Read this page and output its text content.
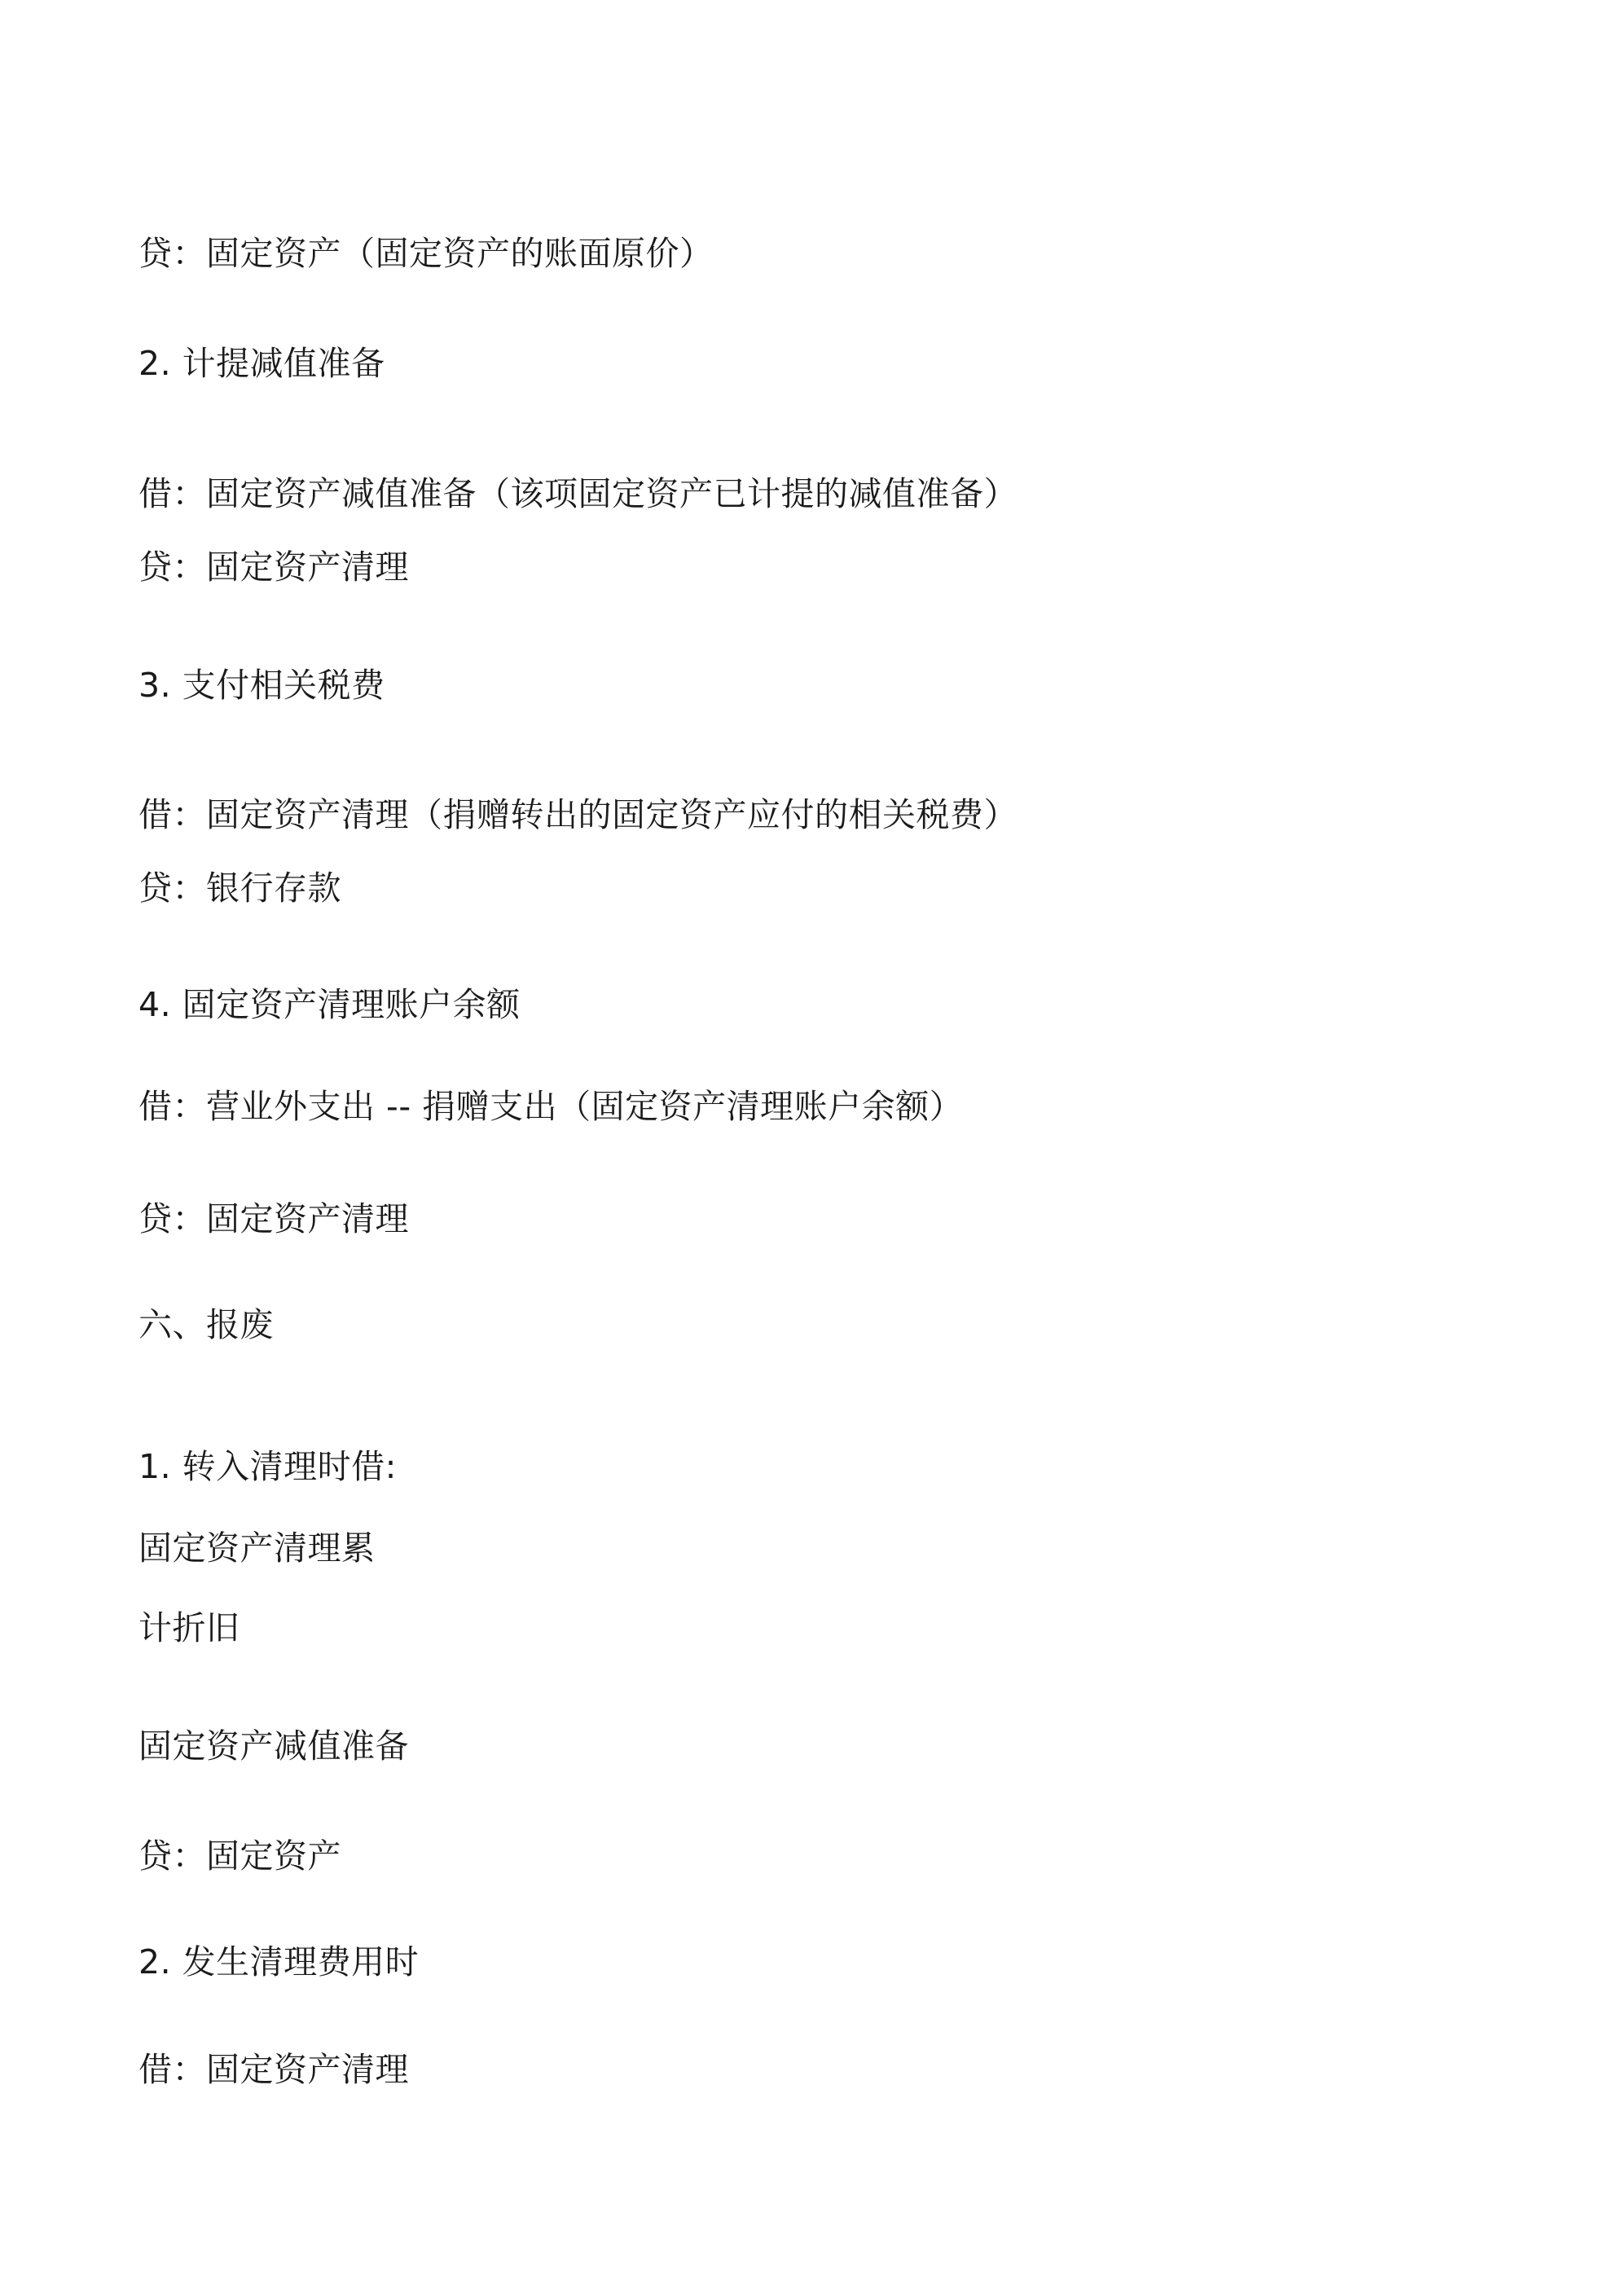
贷：固定资产（固定资产的账面原价）
2. 计提减值准备
借：固定资产减值准备（该项固定资产已计提的减值准备）
贷：固定资产清理
3. 支付相关税费
借：固定资产清理（捐赠转出的固定资产应付的相关税费）
贷：银行存款
4. 固定资产清理账户余额
借：营业外支出 -- 捐赠支出（固定资产清理账户余额）
贷：固定资产清理
六、报废
1. 转入清理时借:
固定资产清理累
计折旧
固定资产减值准备
贷：固定资产
2. 发生清理费用时
借：固定资产清理
